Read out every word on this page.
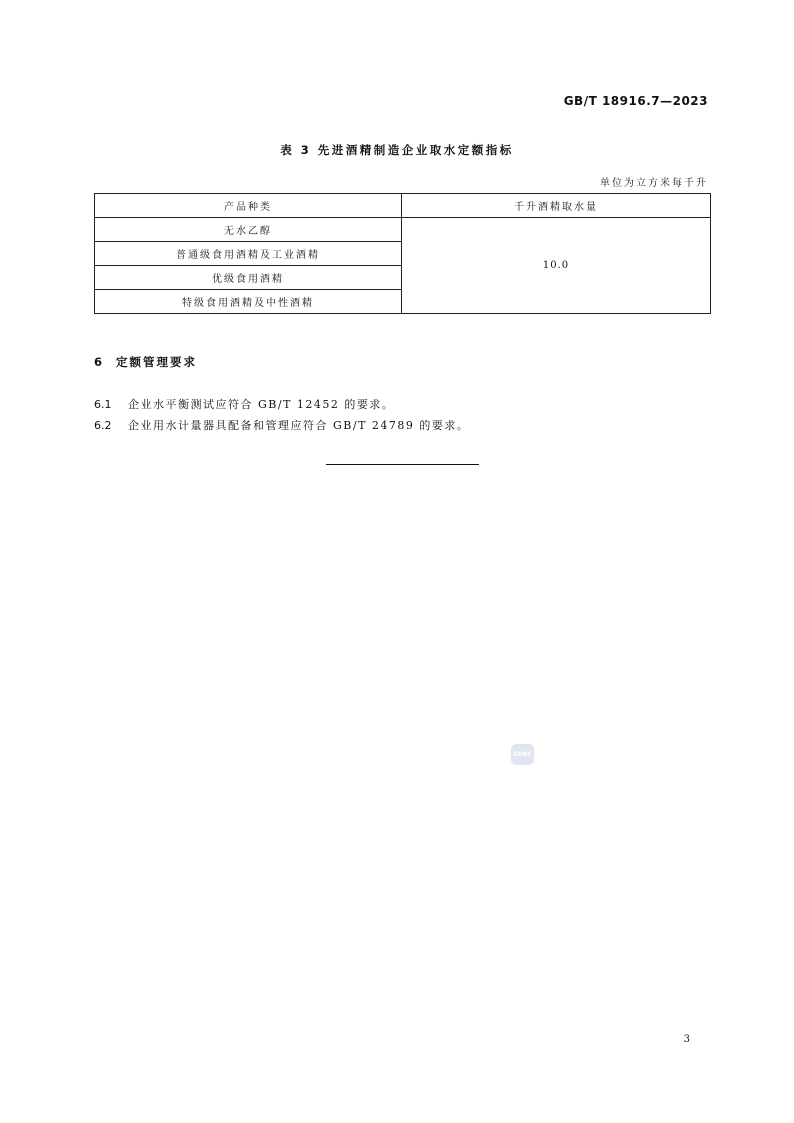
GB/T 18916.7—2023
表 3 先进酒精制造企业取水定额指标
单位为立方米每千升
产品种类	千升酒精取水量
无水乙醇	10.0
普通级食用酒精及工业酒精	
优级食用酒精	
特级食用酒精及中性酒精	
6 定额管理要求
6.1 企业水平衡测试应符合 GB/T 12452 的要求。
6.2 企业用水计量器具配备和管理应符合 GB/T 24789 的要求。
SDNC
3
